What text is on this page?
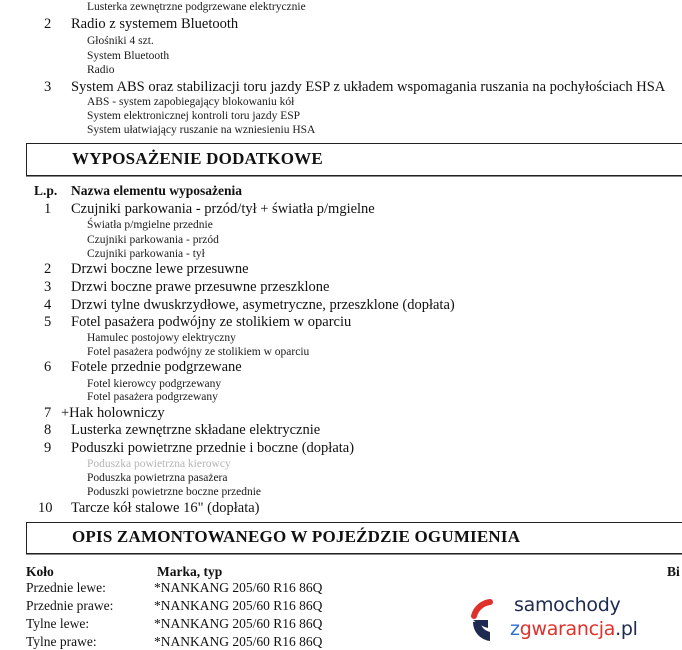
Lusterka zewnętrzne podgrzewane elektrycznie
2 Radio z systemem Bluetooth
Głośniki 4 szt.
System Bluetooth
Radio
3 System ABS oraz stabilizacji toru jazdy ESP z układem wspomagania ruszania na pochyłościach HSA
ABS - system zapobiegający blokowaniu kół
System elektronicznej kontroli toru jazdy ESP
System ułatwiający ruszanie na wzniesieniu HSA
WYPOSAŻENIE DODATKOWE
L.p. Nazwa elementu wyposażenia
1 Czujniki parkowania - przód/tył + światła p/mgielne
Światła p/mgielne przednie
Czujniki parkowania - przód
Czujniki parkowania - tył
2 Drzwi boczne lewe przesuwne
3 Drzwi boczne prawe przesuwne przeszklone
4 Drzwi tylne dwuskrzydłowe, asymetryczne, przeszklone (dopłata)
5 Fotel pasażera podwójny ze stolikiem w oparciu
Hamulec postojowy elektryczny
Fotel pasażera podwójny ze stolikiem w oparciu
6 Fotele przednie podgrzewane
Fotel kierowcy podgrzewany
Fotel pasażera podgrzewany
7 +Hak holowniczy
8 Lusterka zewnętrzne składane elektrycznie
9 Poduszki powietrzne przednie i boczne (dopłata)
Poduszka powietrzna kierowcy
Poduszka powietrzna pasażera
Poduszki powietrzne boczne przednie
10 Tarcze kół stalowe 16" (dopłata)
OPIS ZAMONTOWANEGO W POJEŹDZIE OGUMIENIA
Koło	Marka, typ	Bi
Przednie lewe:	*NANKANG 205/60 R16 86Q
Przednie prawe:	*NANKANG 205/60 R16 86Q
Tylne lewe:	*NANKANG 205/60 R16 86Q
Tylne prawe:	*NANKANG 205/60 R16 86Q
samochody
zgwarancja.pl
